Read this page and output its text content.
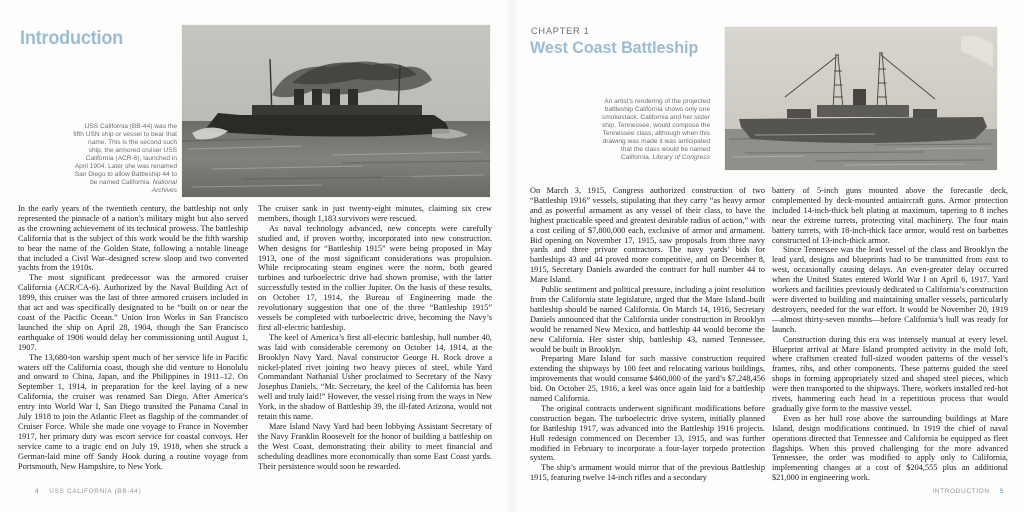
Introduction
USS California (BB-44) was the fifth USN ship or vessel to bear that name. This is the second such ship, the armored cruiser USS California (ACR-6), launched in April 1904. Later she was renamed San Diego to allow Battleship 44 to be named California. National Archives

In the early years of the twentieth century, the battleship not only represented the pinnacle of a nation’s military might but also served as the crowning achievement of its technical prowess. The battleship California that is the subject of this work would be the fifth warship to bear the name of the Golden State, following a notable lineage that included a Civil War–designed screw sloop and two converted yachts from the 1910s.

The most significant predecessor was the armored cruiser California (ACR/CA-6). Authorized by the Naval Building Act of 1899, this cruiser was the last of three armored cruisers included in that act and was specifically designated to be “built on or near the coast of the Pacific Ocean.” Union Iron Works in San Francisco launched the ship on April 28, 1904, though the San Francisco earthquake of 1906 would delay her commissioning until August 1, 1907.

The 13,680-ton warship spent much of her service life in Pacific waters off the California coast, though she did venture to Honolulu and onward to China, Japan, and the Philippines in 1911–12. On September 1, 1914, in preparation for the keel laying of a new California, the cruiser was renamed San Diego. After America’s entry into World War I, San Diego transited the Panama Canal in July 1918 to join the Atlantic Fleet as flagship of the commander of Cruiser Force. While she made one voyage to France in November 1917, her primary duty was escort service for coastal convoys. Her service came to a tragic end on July 19, 1918, when she struck a German-laid mine off Sandy Hook during a routine voyage from Portsmouth, New Hampshire, to New York.

The cruiser sank in just twenty-eight minutes, claiming six crew members, though 1,183 survivors were rescued.

As naval technology advanced, new concepts were carefully studied and, if proven worthy, incorporated into new construction. When designs for “Battleship 1915” were being proposed in May 1913, one of the most significant considerations was propulsion. While reciprocating steam engines were the norm, both geared turbines and turboelectric drive had shown promise, with the latter successfully tested in the collier Jupiter. On the basis of these results, on October 17, 1914, the Bureau of Engineering made the revolutionary suggestion that one of the three “Battleship 1915” vessels be completed with turboelectric drive, becoming the Navy’s first all-electric battleship.

The keel of America’s first all-electric battleship, hull number 40, was laid with considerable ceremony on October 14, 1914, at the Brooklyn Navy Yard. Naval constructor George H. Rock drove a nickel-plated rivet joining two heavy pieces of steel, while Yard Commandant Nathanial Usher proclaimed to Secretary of the Navy Josephus Daniels, “Mr. Secretary, the keel of the California has been well and truly laid!” However, the vessel rising from the ways in New York, in the shadow of Battleship 39, the ill-fated Arizona, would not retain this name.

Mare Island Navy Yard had been lobbying Assistant Secretary of the Navy Franklin Roosevelt for the honor of building a battleship on the West Coast, demonstrating their ability to meet financial and scheduling deadlines more economically than some East Coast yards. Their persistence would soon be rewarded.

4 USS CALIFORNIA (BB-44)
CHAPTER 1
West Coast Battleship
An artist’s rendering of the projected battleship California shows only one smokestack. California and her sister ship, Tennessee, would compose the Tennessee class, although when this drawing was made it was anticipated that the class would be named California. Library of Congress

On March 3, 1915, Congress authorized construction of two “Battleship 1916” vessels, stipulating that they carry “as heavy armor and as powerful armament as any vessel of their class, to have the highest practicable speed and greatest desirable radius of action,” with a cost ceiling of $7,800,000 each, exclusive of armor and armament. Bid opening on November 17, 1915, saw proposals from three navy yards and three private contractors. The navy yards’ bids for battleships 43 and 44 proved more competitive, and on December 8, 1915, Secretary Daniels awarded the contract for hull number 44 to Mare Island.

Public sentiment and political pressure, including a joint resolution from the California state legislature, urged that the Mare Island–built battleship should be named California. On March 14, 1916, Secretary Daniels announced that the California under construction in Brooklyn would be renamed New Mexico, and battleship 44 would become the new California. Her sister ship, battleship 43, named Tennessee, would be built in Brooklyn.

Preparing Mare Island for such massive construction required extending the shipways by 100 feet and relocating various buildings, improvements that would consume $460,000 of the yard’s $7,248,456 bid. On October 25, 1916, a keel was once again laid for a battleship named California.

The original contracts underwent significant modifications before construction began. The turboelectric drive system, initially planned for Battleship 1917, was advanced into the Battleship 1916 projects. Hull redesign commenced on December 13, 1915, and was further modified in February to incorporate a four-layer torpedo protection system.

The ship’s armament would mirror that of the previous Battleship 1915, featuring twelve 14-inch rifles and a secondary

battery of 5-inch guns mounted above the forecastle deck, complemented by deck-mounted antiaircraft guns. Armor protection included 14-inch-thick belt plating at maximum, tapering to 8 inches near the extreme turrets, protecting vital machinery. The four main battery turrets, with 18-inch-thick face armor, would rest on barbettes constructed of 13-inch-thick armor.

Since Tennessee was the lead vessel of the class and Brooklyn the lead yard, designs and blueprints had to be transmitted from east to west, occasionally causing delays. An even-greater delay occurred when the United States entered World War I on April 6, 1917. Yard workers and facilities previously dedicated to California’s construction were diverted to building and maintaining smaller vessels, particularly destroyers, needed for the war effort. It would be November 20, 1919—almost thirty-seven months—before California’s hull was ready for launch.

Construction during this era was intensely manual at every level. Blueprint arrival at Mare Island prompted activity in the mold loft, where craftsmen created full-sized wooden patterns of the vessel’s frames, ribs, and other components. These patterns guided the steel shops in forming appropriately sized and shaped steel pieces, which were then transported to the shipways. There, workers installed red-hot rivets, hammering each head in a repetitious process that would gradually give form to the massive vessel.

Even as her hull rose above the surrounding buildings at Mare Island, design modifications continued. In 1919 the chief of naval operations directed that Tennessee and California be equipped as fleet flagships. When this proved challenging for the more advanced Tennessee, the order was modified to apply only to California, implementing changes at a cost of $204,555 plus an additional $21,000 in engineering work.

INTRODUCTION 5
